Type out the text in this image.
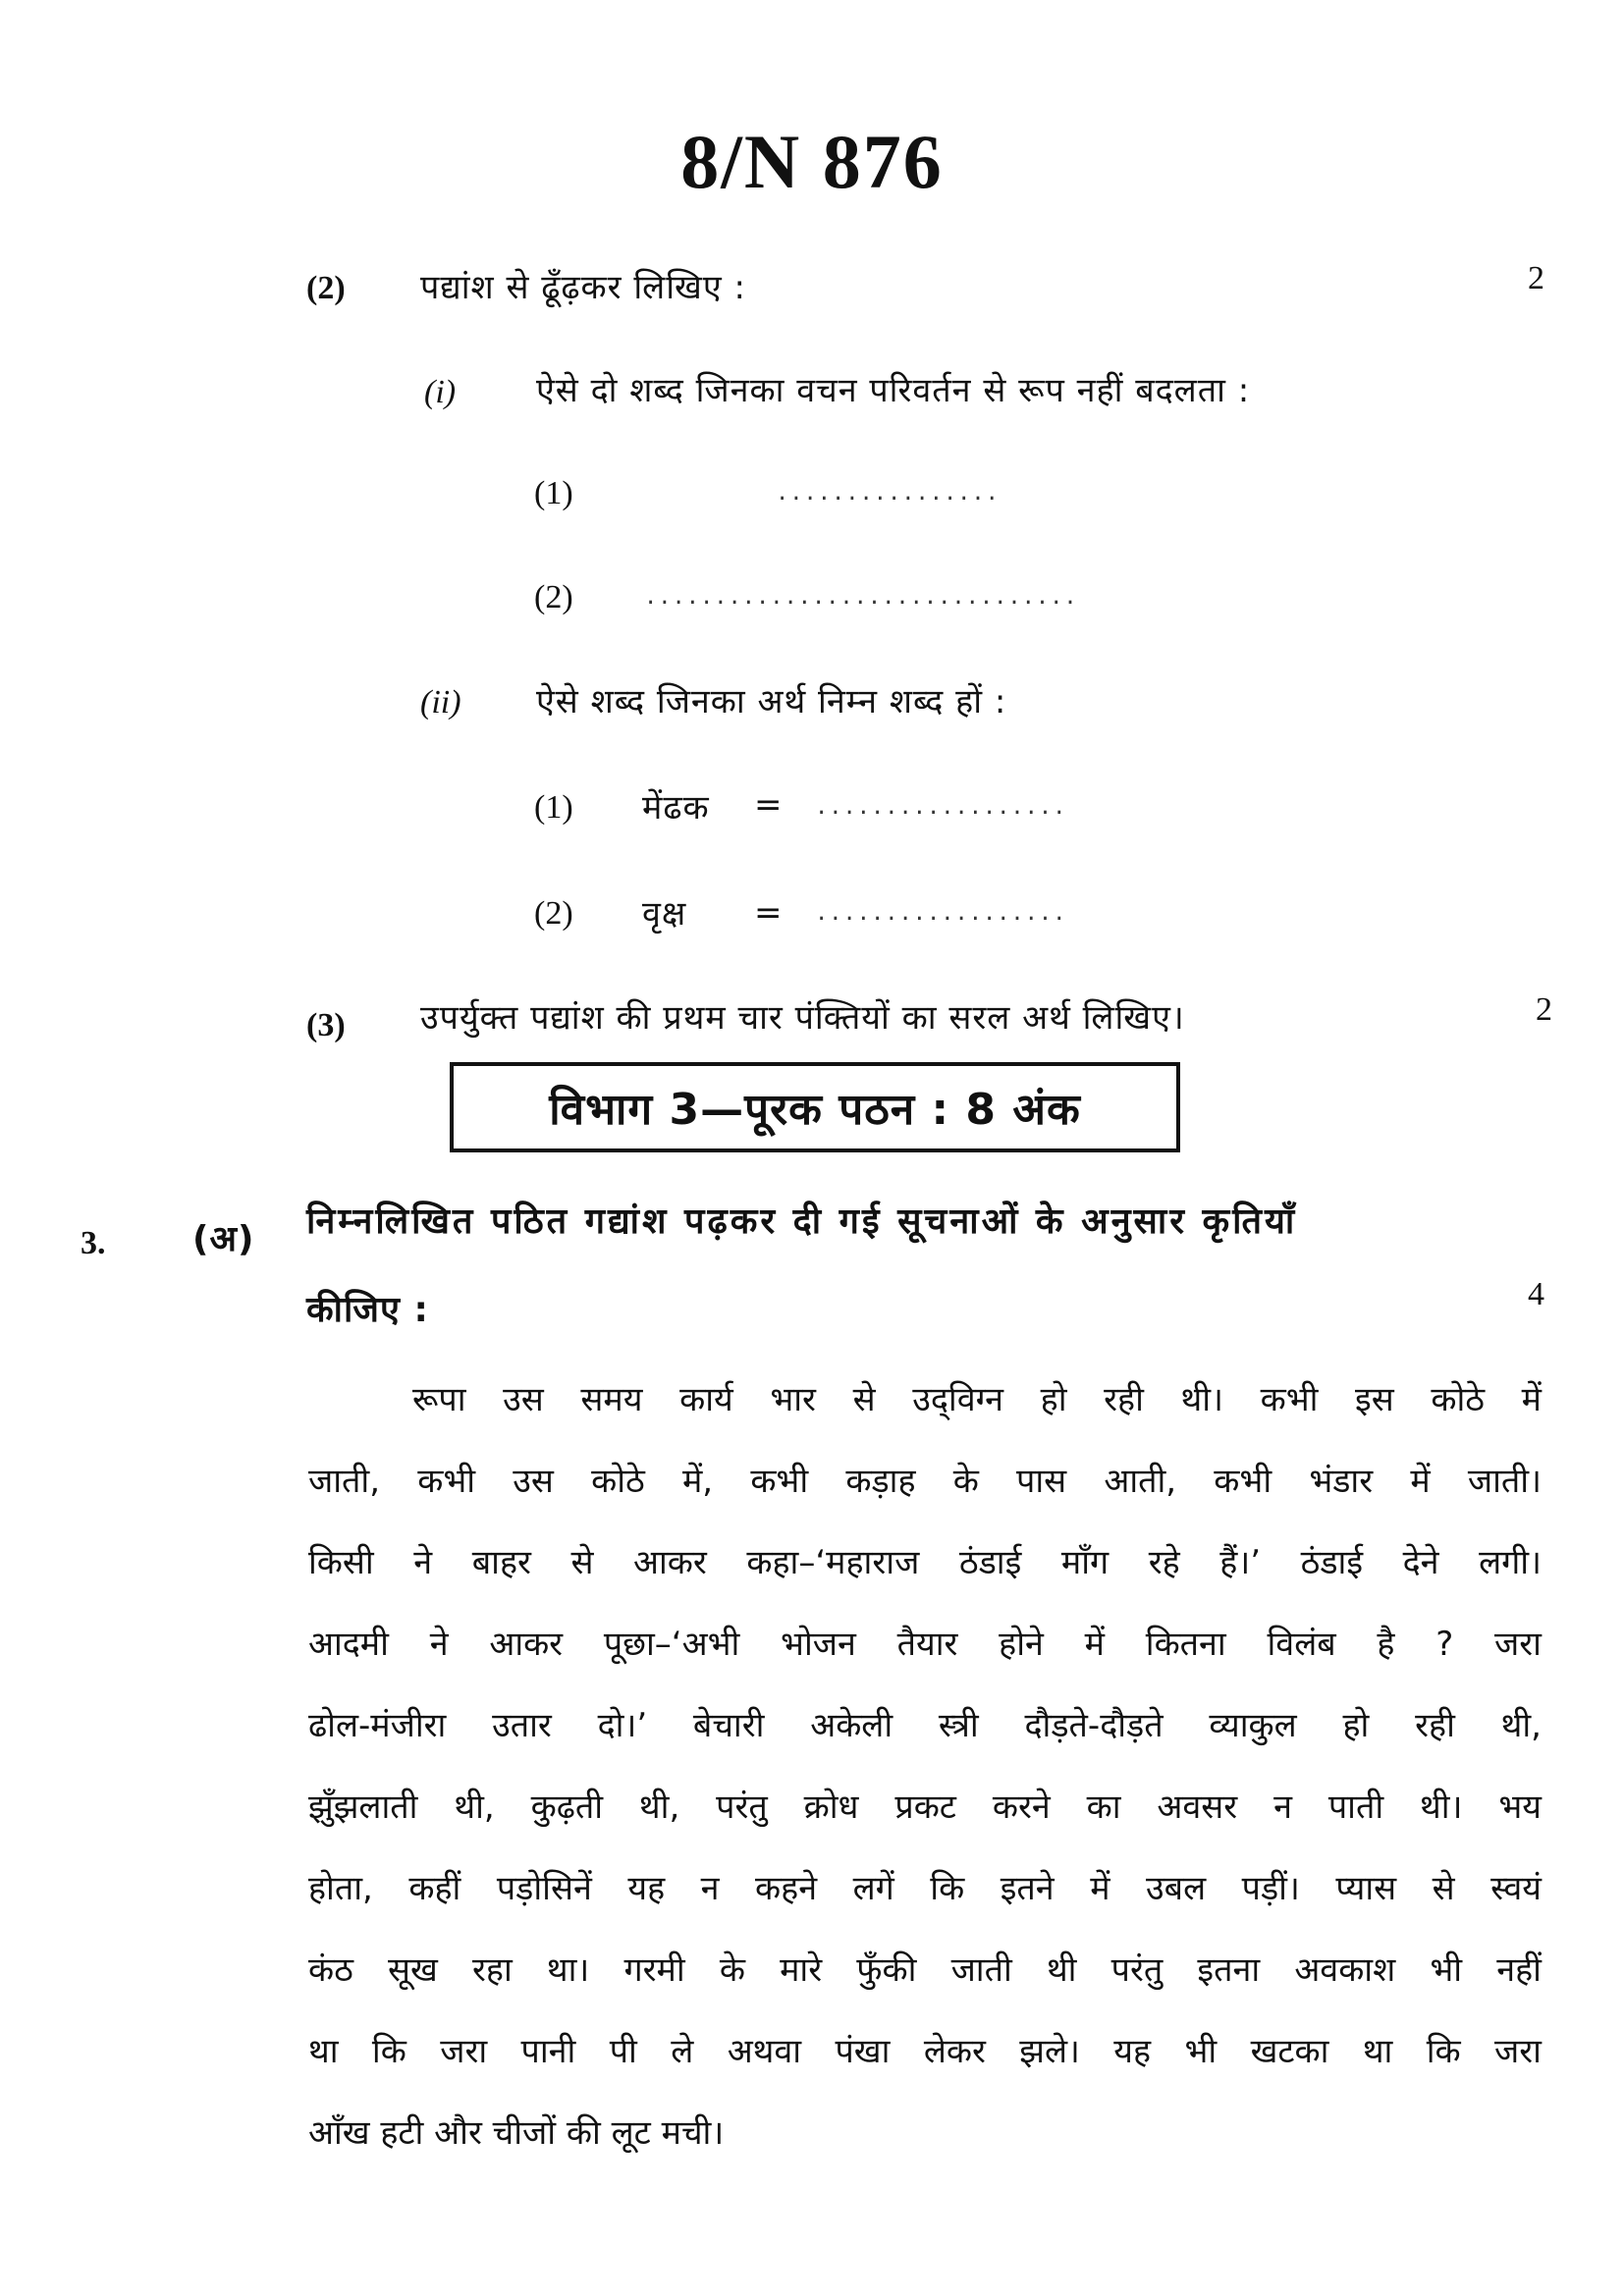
8/N 876
(2) पद्यांश से ढूँढ़कर लिखिए :	2
(i) ऐसे दो शब्द जिनका वचन परिवर्तन से रूप नहीं बदलता :
(1)	................
(2)	...............................
(ii) ऐसे शब्द जिनका अर्थ निम्न शब्द हों :
(1) मेंढक = ..................
(2) वृक्ष = ..................
(3) उपर्युक्त पद्यांश की प्रथम चार पंक्तियों का सरल अर्थ लिखिए।	2
विभाग 3—पूरक पठन : 8 अंक
3. (अ) निम्नलिखित पठित गद्यांश पढ़कर दी गई सूचनाओं के अनुसार कृतियाँ
कीजिए :	4
रूपा उस समय कार्य भार से उद्‌विग्न हो रही थी। कभी इस कोठे में
जाती, कभी उस कोठे में, कभी कड़ाह के पास आती, कभी भंडार में जाती।
किसी ने बाहर से आकर कहा–‘महाराज ठंडाई माँग रहे हैं।’ ठंडाई देने लगी।
आदमी ने आकर पूछा–‘अभी भोजन तैयार होने में कितना विलंब है ? जरा
ढोल-मंजीरा उतार दो।’ बेचारी अकेली स्त्री दौड़ते-दौड़ते व्याकुल हो रही थी,
झुँझलाती थी, कुढ़ती थी, परंतु क्रोध प्रकट करने का अवसर न पाती थी। भय
होता, कहीं पड़ोसिनें यह न कहने लगें कि इतने में उबल पड़ीं। प्यास से स्वयं
कंठ सूख रहा था। गरमी के मारे फुँकी जाती थी परंतु इतना अवकाश भी नहीं
था कि जरा पानी पी ले अथवा पंखा लेकर झले। यह भी खटका था कि जरा
आँख हटी और चीजों की लूट मची।
